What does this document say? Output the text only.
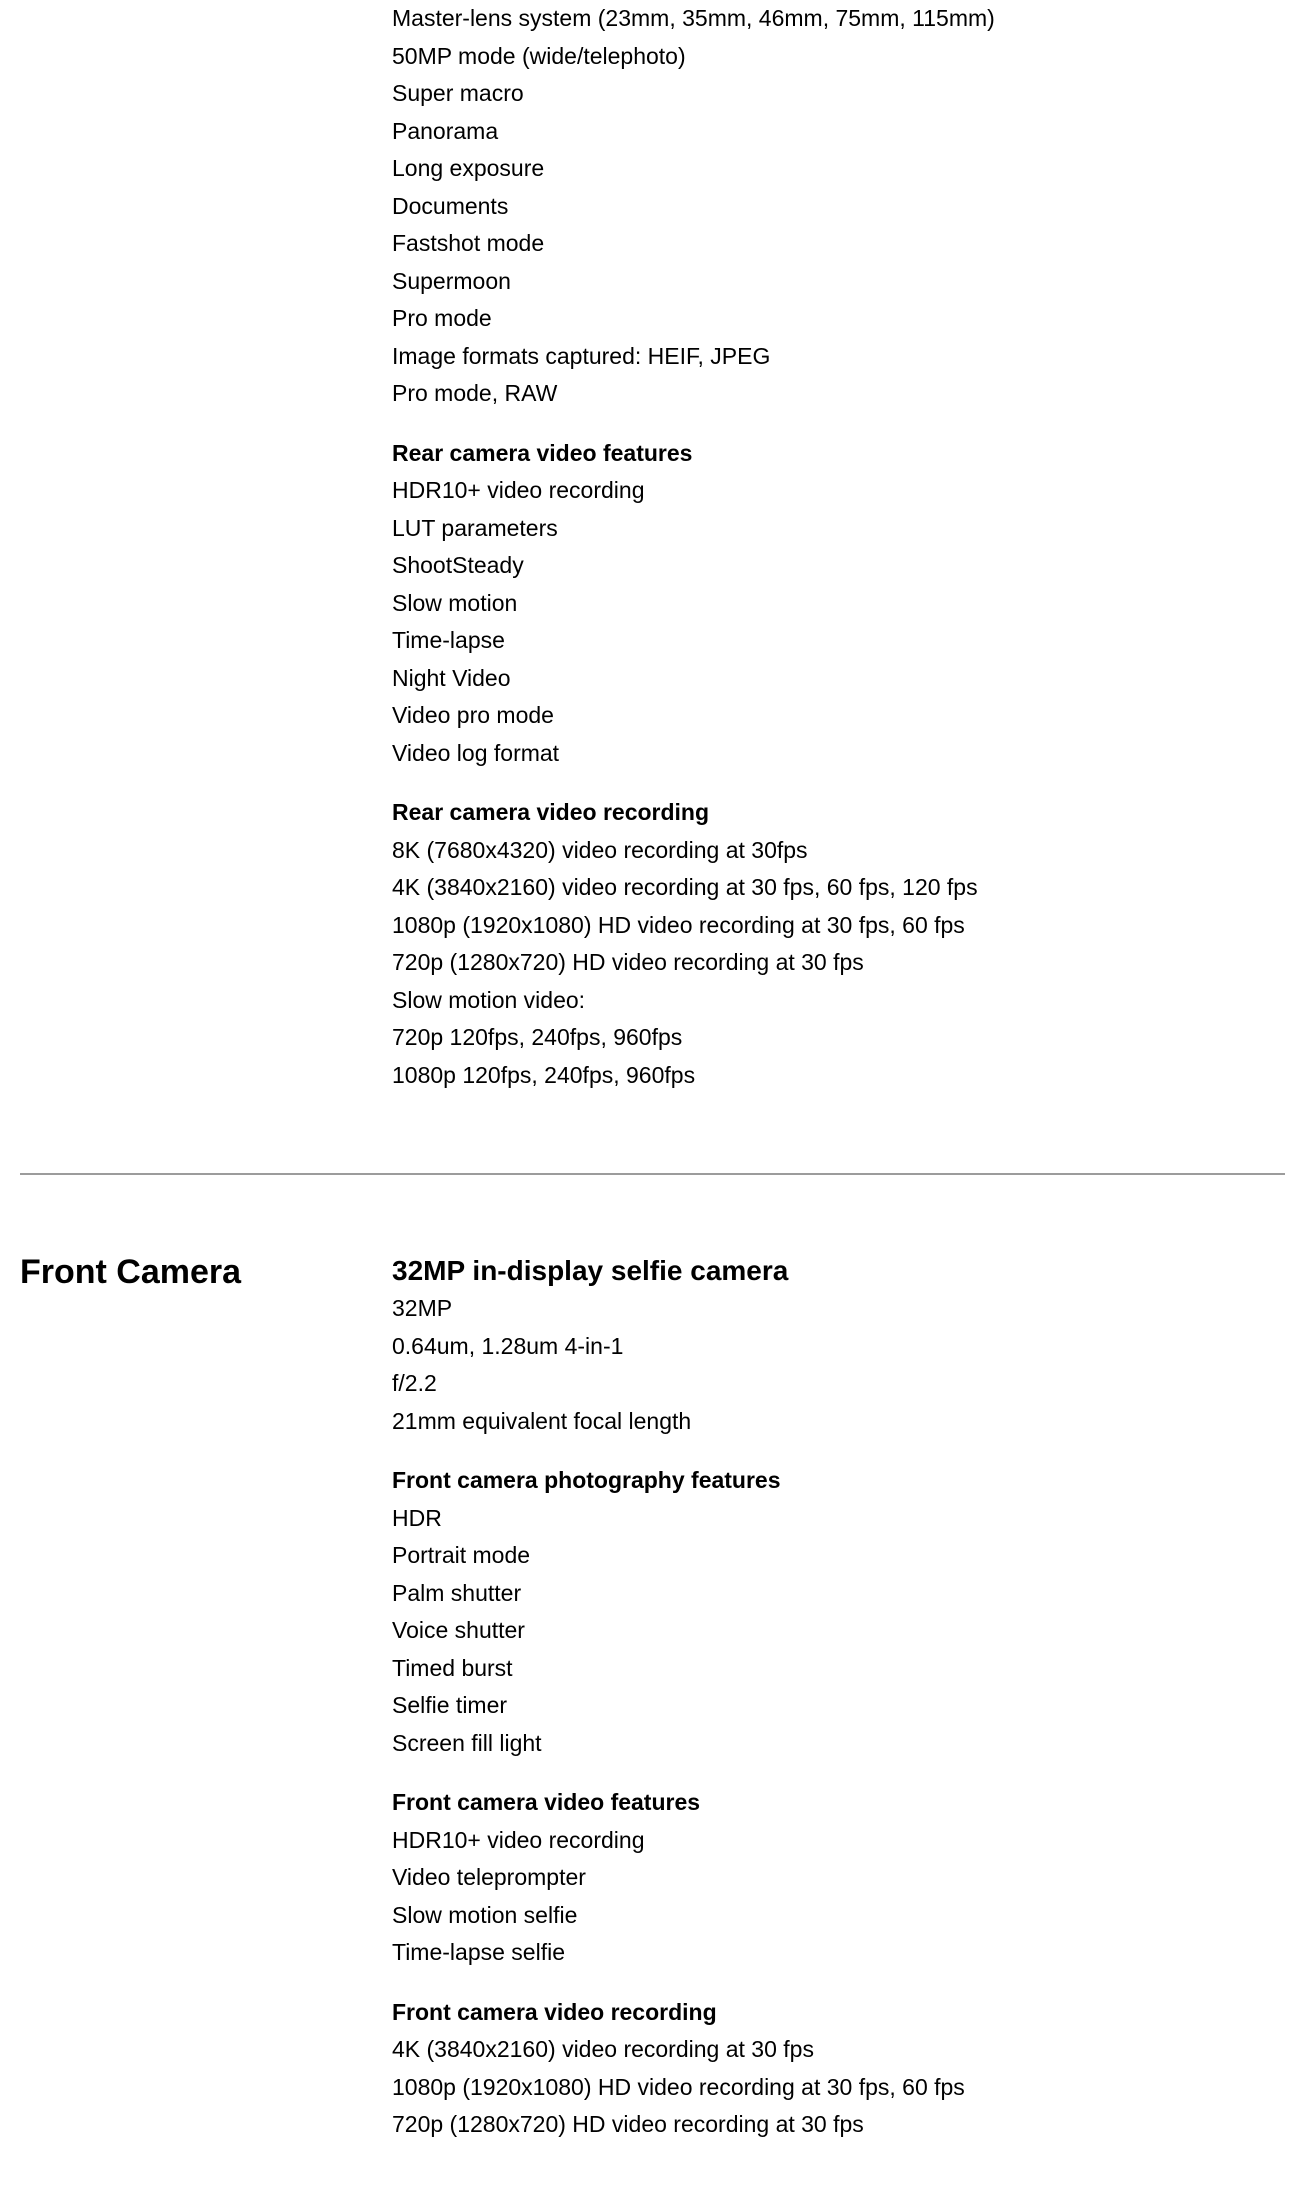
Master-lens system (23mm, 35mm, 46mm, 75mm, 115mm)
50MP mode (wide/telephoto)
Super macro
Panorama
Long exposure
Documents
Fastshot mode
Supermoon
Pro mode
Image formats captured: HEIF, JPEG
Pro mode, RAW
Rear camera video features
HDR10+ video recording
LUT parameters
ShootSteady
Slow motion
Time-lapse
Night Video
Video pro mode
Video log format
Rear camera video recording
8K (7680x4320) video recording at 30fps
4K (3840x2160) video recording at 30 fps, 60 fps, 120 fps
1080p (1920x1080) HD video recording at 30 fps, 60 fps
720p (1280x720) HD video recording at 30 fps
Slow motion video:
720p 120fps, 240fps, 960fps
1080p 120fps, 240fps, 960fps
Front Camera	32MP in-display selfie camera
32MP
0.64um, 1.28um 4-in-1
f/2.2
21mm equivalent focal length
Front camera photography features
HDR
Portrait mode
Palm shutter
Voice shutter
Timed burst
Selfie timer
Screen fill light
Front camera video features
HDR10+ video recording
Video teleprompter
Slow motion selfie
Time-lapse selfie
Front camera video recording
4K (3840x2160) video recording at 30 fps
1080p (1920x1080) HD video recording at 30 fps, 60 fps
720p (1280x720) HD video recording at 30 fps
